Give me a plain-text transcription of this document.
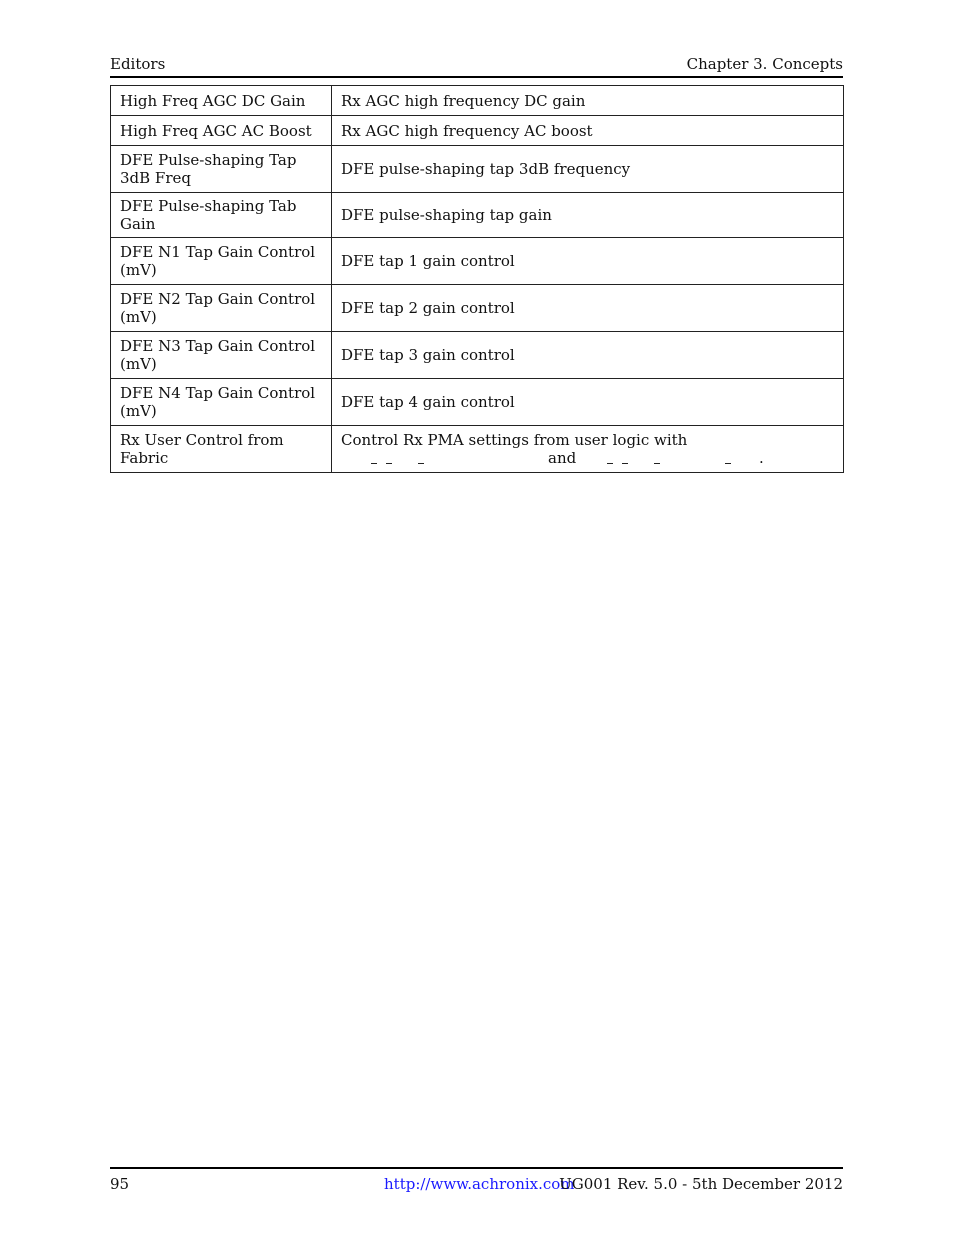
Editors	Chapter 3. Concepts
High Freq AGC DC Gain	Rx AGC high frequency DC gain
High Freq AGC AC Boost	Rx AGC high frequency AC boost
DFE Pulse-shaping Tap 3dB Freq	DFE pulse-shaping tap 3dB frequency
DFE Pulse-shaping Tab Gain	DFE pulse-shaping tap gain
DFE N1 Tap Gain Control (mV)	DFE tap 1 gain control
DFE N2 Tap Gain Control (mV)	DFE tap 2 gain control
DFE N3 Tap Gain Control (mV)	DFE tap 3 gain control
DFE N4 Tap Gain Control (mV)	DFE tap 4 gain control
Rx User Control from Fabric	Control Rx PMA settings from user logic with
and .
95	http://www.achronix.com
UG001 Rev. 5.0 - 5th December 2012
